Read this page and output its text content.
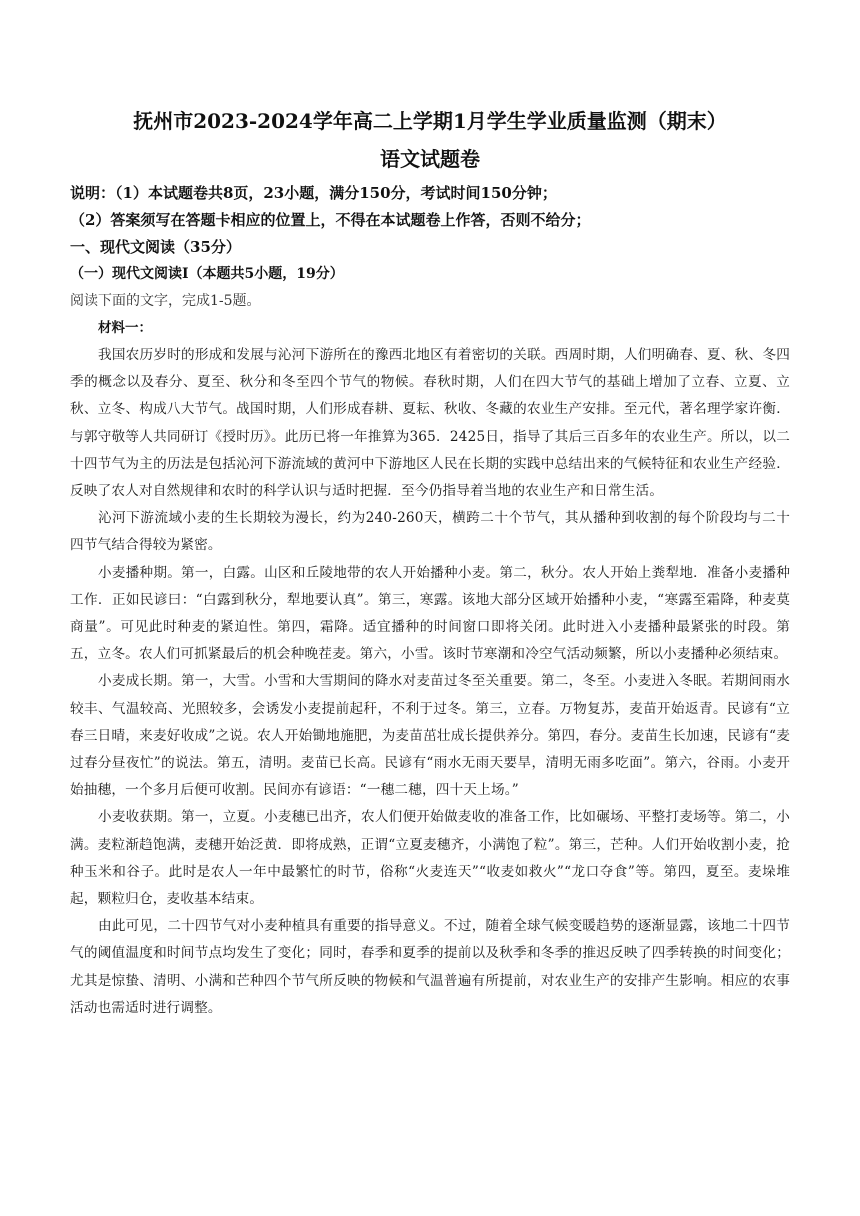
抚州市2023-2024学年高二上学期1月学生学业质量监测（期末）
语文试题卷

说明：（1）本试题卷共8页，23小题，满分150分，考试时间150分钟；

（2）答案须写在答题卡相应的位置上，不得在本试题卷上作答，否则不给分；

一、现代文阅读（35分）

（一）现代文阅读Ⅰ（本题共5小题，19分）

阅读下面的文字，完成1-5题。

材料一：

我国农历岁时的形成和发展与沁河下游所在的豫西北地区有着密切的关联。西周时期，人们明确春、夏、秋、冬四季的概念以及春分、夏至、秋分和冬至四个节气的物候。春秋时期，人们在四大节气的基础上增加了立春、立夏、立秋、立冬、构成八大节气。战国时期，人们形成春耕、夏耘、秋收、冬藏的农业生产安排。至元代，著名理学家许衡．与郭守敬等人共同研订《授时历》。此历已将一年推算为365．2425日，指导了其后三百多年的农业生产。所以，以二十四节气为主的历法是包括沁河下游流域的黄河中下游地区人民在长期的实践中总结出来的气候特征和农业生产经验．反映了农人对自然规律和农时的科学认识与适时把握．至今仍指导着当地的农业生产和日常生活。

沁河下游流域小麦的生长期较为漫长，约为240-260天，横跨二十个节气，其从播种到收割的每个阶段均与二十四节气结合得较为紧密。

小麦播种期。第一，白露。山区和丘陵地带的农人开始播种小麦。第二，秋分。农人开始上粪犁地．准备小麦播种工作．正如民谚曰：“白露到秋分，犁地要认真”。第三，寒露。该地大部分区域开始播种小麦，“寒露至霜降，种麦莫商量”。可见此时种麦的紧迫性。第四，霜降。适宜播种的时间窗口即将关闭。此时进入小麦播种最紧张的时段。第五，立冬。农人们可抓紧最后的机会种晚茬麦。第六，小雪。该时节寒潮和冷空气活动频繁，所以小麦播种必须结束。

小麦成长期。第一，大雪。小雪和大雪期间的降水对麦苗过冬至关重要。第二，冬至。小麦进入冬眠。若期间雨水较丰、气温较高、光照较多，会诱发小麦提前起秆，不利于过冬。第三，立春。万物复苏，麦苗开始返青。民谚有“立春三日晴，来麦好收成”之说。农人开始锄地施肥，为麦苗茁壮成长提供养分。第四，春分。麦苗生长加速，民谚有“麦过春分昼夜忙”的说法。第五，清明。麦苗已长高。民谚有“雨水无雨天要旱，清明无雨多吃面”。第六，谷雨。小麦开始抽穗，一个多月后便可收割。民间亦有谚语：“一穗二穗，四十天上场。”

小麦收获期。第一，立夏。小麦穗已出齐，农人们便开始做麦收的准备工作，比如碾场、平整打麦场等。第二，小满。麦粒渐趋饱满，麦穗开始泛黄．即将成熟，正谓“立夏麦穗齐，小满饱了粒”。第三，芒种。人们开始收割小麦，抢种玉米和谷子。此时是农人一年中最繁忙的时节，俗称“火麦连天”“收麦如救火”“龙口夺食”等。第四，夏至。麦垛堆起，颗粒归仓，麦收基本结束。

由此可见，二十四节气对小麦种植具有重要的指导意义。不过，随着全球气候变暖趋势的逐渐显露，该地二十四节气的阈值温度和时间节点均发生了变化；同时，春季和夏季的提前以及秋季和冬季的推迟反映了四季转换的时间变化；尤其是惊蛰、清明、小满和芒种四个节气所反映的物候和气温普遍有所提前，对农业生产的安排产生影响。相应的农事活动也需适时进行调整。
